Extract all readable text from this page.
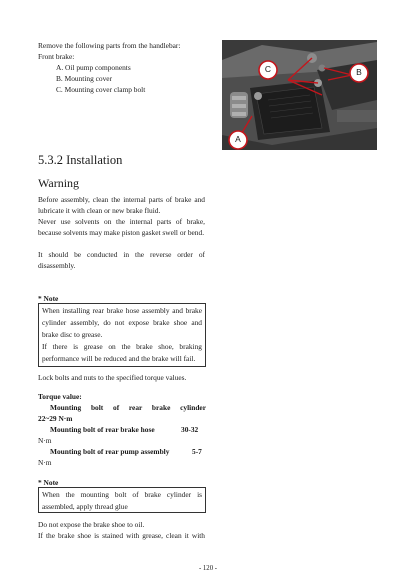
Remove the following parts from the handlebar:

Front brake:

A. Oil pump components

B. Mounting cover

C. Mounting cover clamp bolt

C	B
A
5.3.2 Installation
Warning

Before assembly, clean the internal parts of brake and

lubricate it with clean or new brake fluid.

Never use solvents on the internal parts of brake,

because solvents may make piston gasket swell or bend.

It should be conducted in the reverse order of

disassembly.

* Note

When installing rear brake hose assembly and brake
cylinder assembly, do not expose brake shoe and
brake disc to grease.
If there is grease on the brake shoe, braking
performance will be reduced and the brake will fail.

Lock bolts and nuts to the specified torque values.

Torque value:

Mounting bolt of rear brake cylinder

22~29 N·m

Mounting bolt of rear brake hose	30-32

N·m

Mounting bolt of rear pump assembly	5-7

N·m

* Note

When the mounting bolt of brake cylinder is
assembled, apply thread glue

Do not expose the brake shoe to oil.

If the brake shoe is stained with grease, clean it with

- 120 -
